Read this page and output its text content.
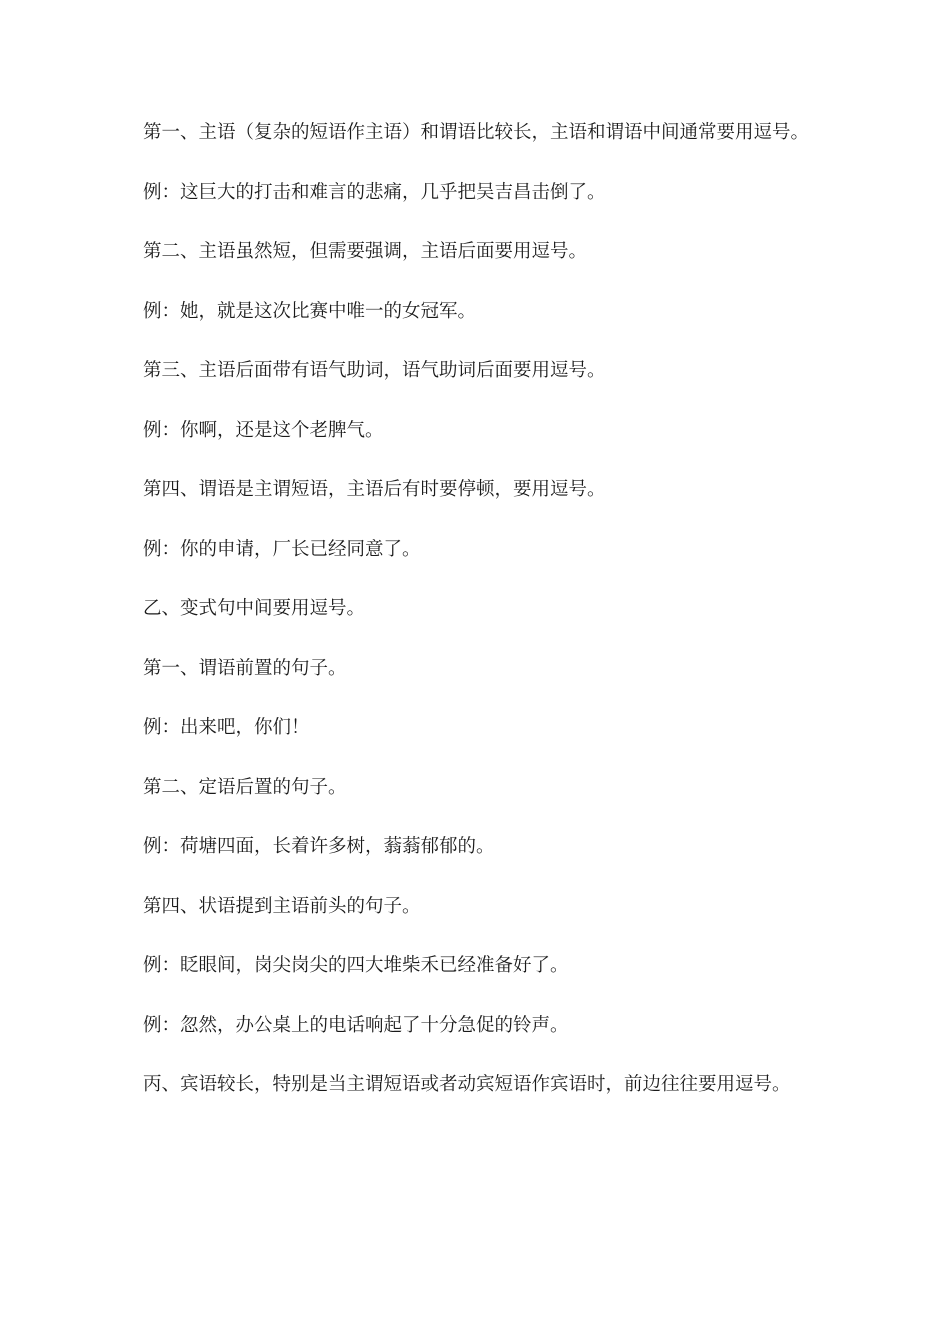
第一、主语（复杂的短语作主语）和谓语比较长，主语和谓语中间通常要用逗号。

例：这巨大的打击和难言的悲痛，几乎把吴吉昌击倒了。

第二、主语虽然短，但需要强调，主语后面要用逗号。

例：她，就是这次比赛中唯一的女冠军。

第三、主语后面带有语气助词，语气助词后面要用逗号。

例：你啊，还是这个老脾气。

第四、谓语是主谓短语，主语后有时要停顿，要用逗号。

例：你的申请，厂长已经同意了。

乙、变式句中间要用逗号。

第一、谓语前置的句子。

例：出来吧，你们！

第二、定语后置的句子。

例：荷塘四面，长着许多树，蓊蓊郁郁的。

第四、状语提到主语前头的句子。

例：眨眼间，岗尖岗尖的四大堆柴禾已经准备好了。

例：忽然，办公桌上的电话响起了十分急促的铃声。

丙、宾语较长，特别是当主谓短语或者动宾短语作宾语时，前边往往要用逗号。
